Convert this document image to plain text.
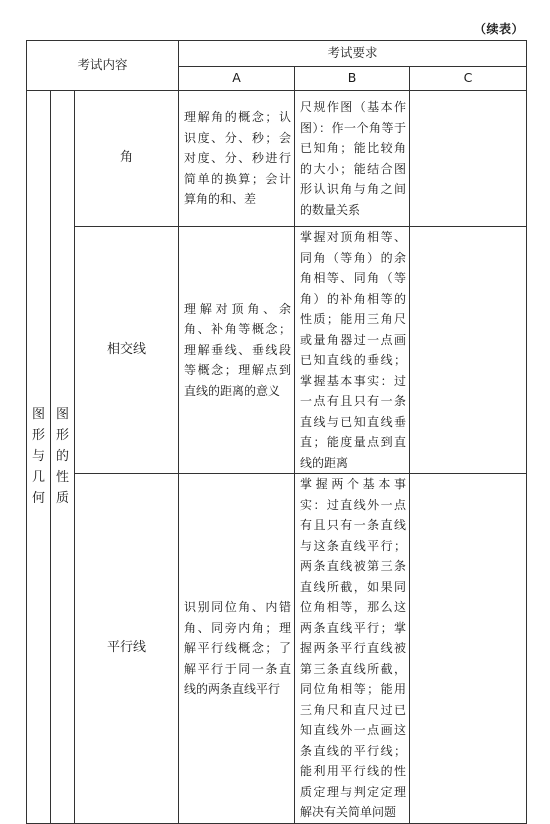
（续表）
考试内容			考试要求		
			A	B	C

图形与几何	图形的性质	角	理解角的概念；认识度、分、秒；会对度、分、秒进行简单的换算；会计算角的和、差	尺规作图（基本作图）：作一个角等于已知角；能比较角的大小；能结合图形认识角与角之间的数量关系	

		相交线	理解对顶角、余角、补角等概念；理解垂线、垂线段等概念；理解点到直线的距离的意义	掌握对顶角相等、同角（等角）的余角相等、同角（等角）的补角相等的性质；能用三角尺或量角器过一点画已知直线的垂线；掌握基本事实：过一点有且只有一条直线与已知直线垂直；能度量点到直线的距离	

		平行线	识别同位角、内错角、同旁内角；理解平行线概念；了解平行于同一条直线的两条直线平行	掌握两个基本事实：过直线外一点有且只有一条直线与这条直线平行；两条直线被第三条直线所截，如果同位角相等，那么这两条直线平行；掌握两条平行直线被第三条直线所截，同位角相等；能用三角尺和直尺过已知直线外一点画这条直线的平行线；能利用平行线的性质定理与判定定理解决有关简单问题	
